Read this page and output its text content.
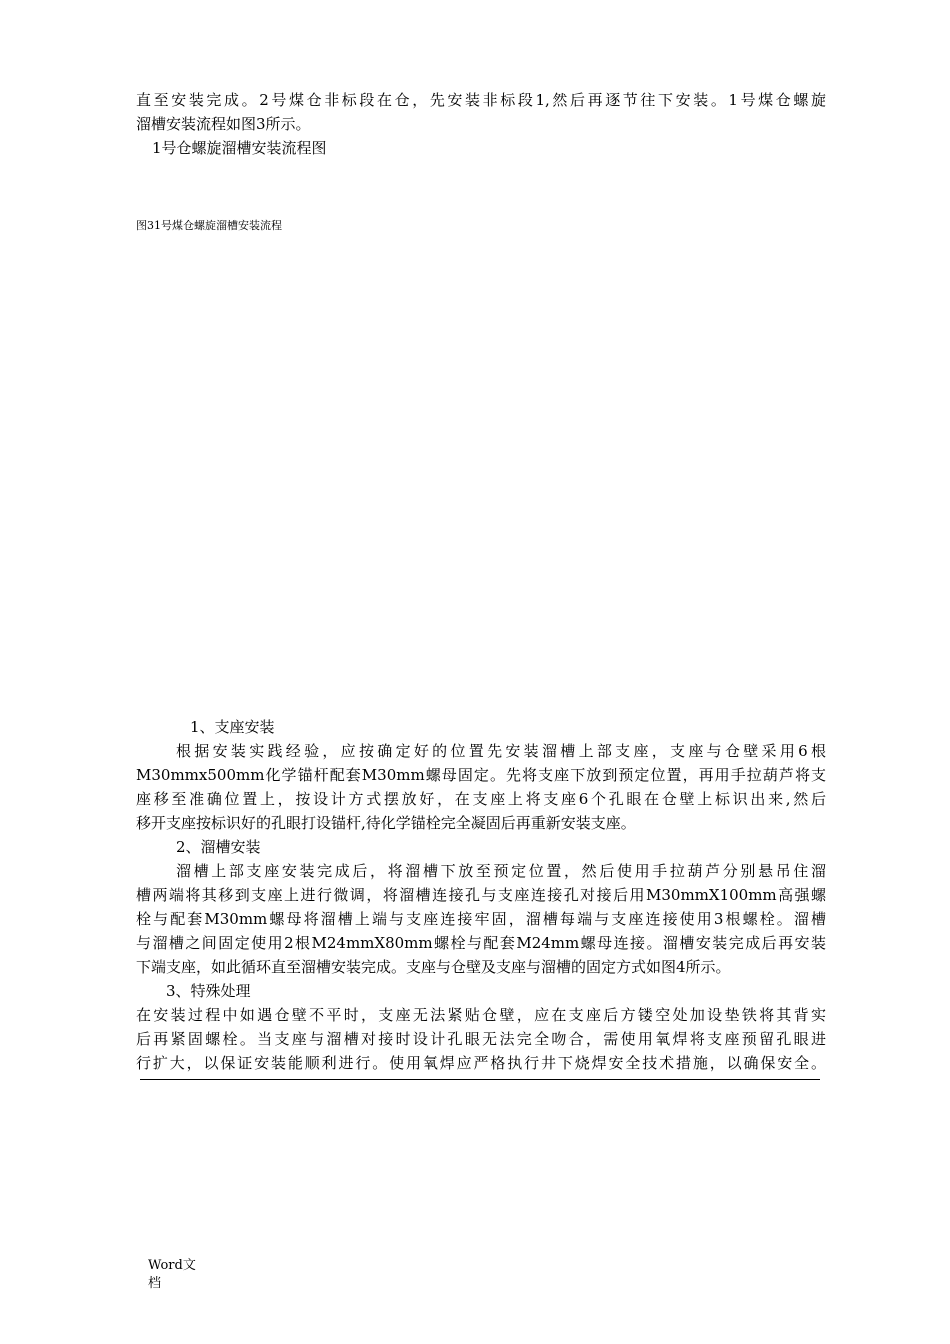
直至安装完成。2号煤仓非标段在仓，先安装非标段1,然后再逐节往下安装。1号煤仓螺旋
溜槽安装流程如图3所示。
1号仓螺旋溜槽安装流程图
图31号煤仓螺旋溜槽安装流程
1、支座安装
根据安装实践经验，应按确定好的位置先安装溜槽上部支座，支座与仓壁采用6根
M30mmx500mm化学锚杆配套M30mm螺母固定。先将支座下放到预定位置，再用手拉葫芦将支
座移至准确位置上，按设计方式摆放好，在支座上将支座6个孔眼在仓壁上标识出来,然后
移开支座按标识好的孔眼打设锚杆,待化学锚栓完全凝固后再重新安装支座。
2、溜槽安装
溜槽上部支座安装完成后，将溜槽下放至预定位置，然后使用手拉葫芦分别悬吊住溜
槽两端将其移到支座上进行微调，将溜槽连接孔与支座连接孔对接后用M30mmX100mm高强螺
栓与配套M30mm螺母将溜槽上端与支座连接牢固，溜槽每端与支座连接使用3根螺栓。溜槽
与溜槽之间固定使用2根M24mmX80mm螺栓与配套M24mm螺母连接。溜槽安装完成后再安装
下端支座，如此循环直至溜槽安装完成。支座与仓壁及支座与溜槽的固定方式如图4所示。
3、特殊处理
在安装过程中如遇仓壁不平时，支座无法紧贴仓壁，应在支座后方镂空处加设垫铁将其背实
后再紧固螺栓。当支座与溜槽对接时设计孔眼无法完全吻合，需使用氧焊将支座预留孔眼进
行扩大，以保证安装能顺利进行。使用氧焊应严格执行井下烧焊安全技术措施，以确保安全。
Word文
档
